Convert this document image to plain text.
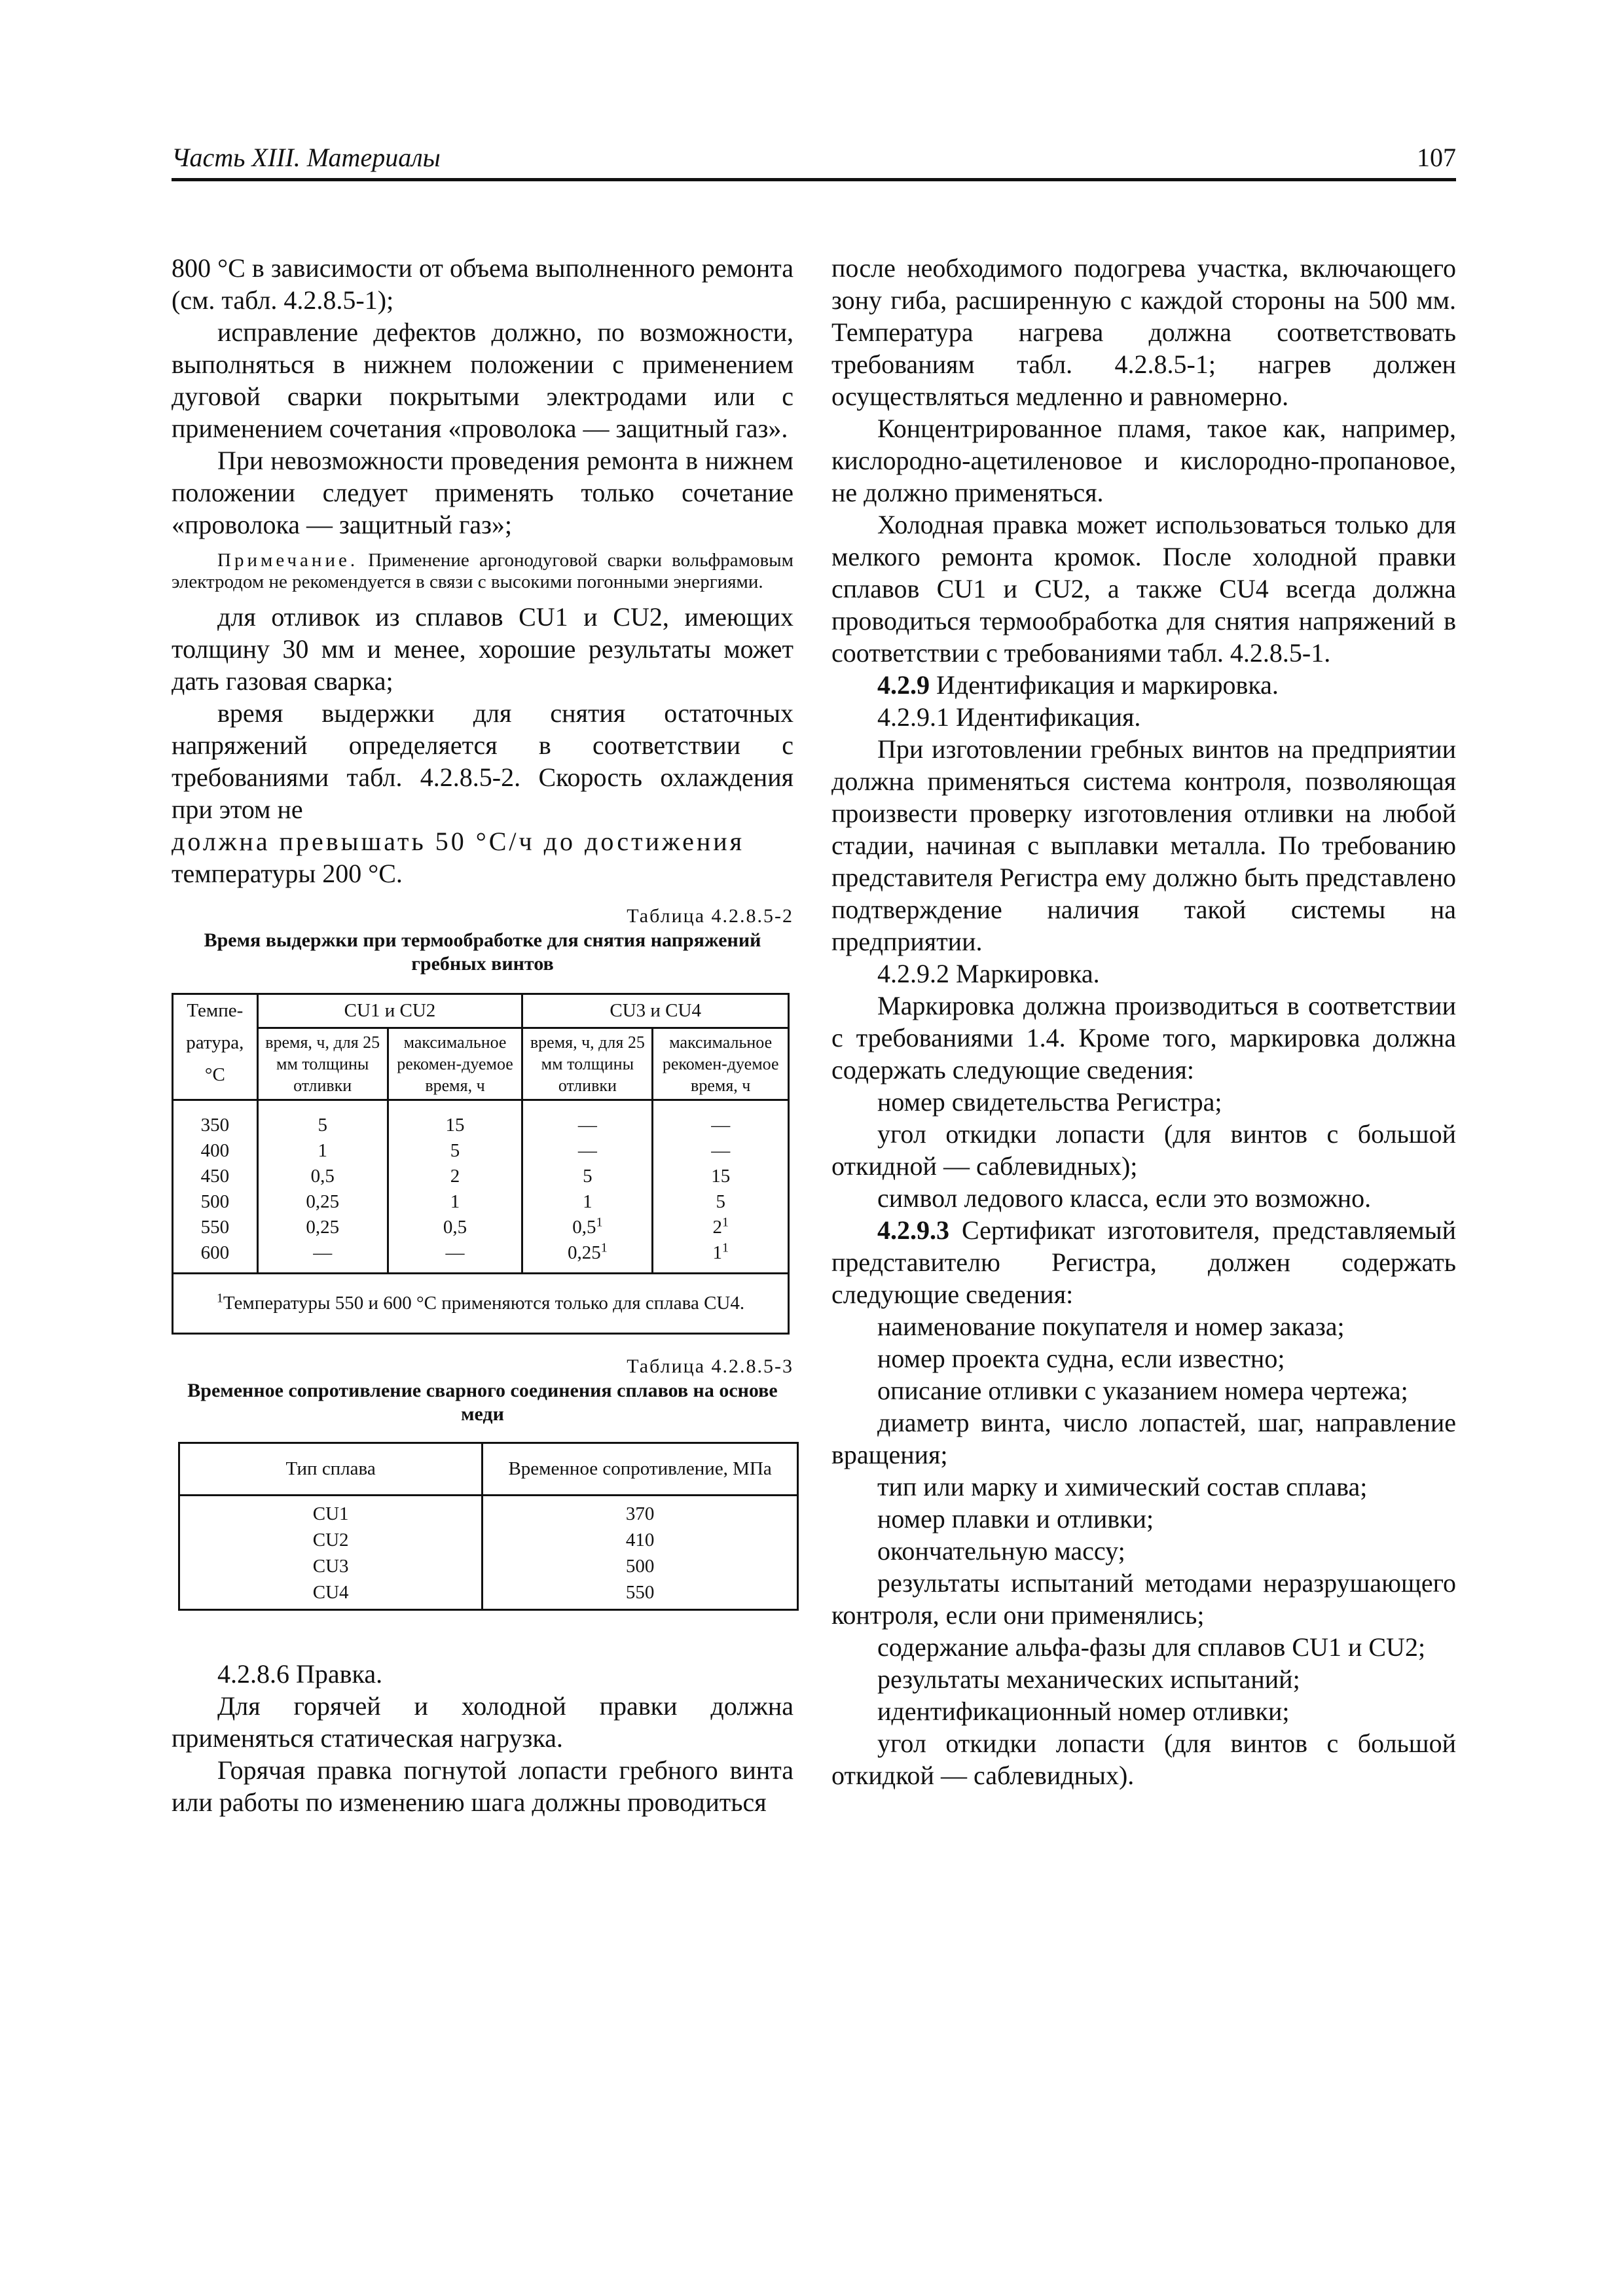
Часть XIII. Материалы	107

800 °C в зависимости от объема выполненного ремонта (см. табл. 4.2.8.5-1);

исправление дефектов должно, по возможности, выполняться в нижнем положении с применением дуговой сварки покрытыми электродами или с применением сочетания «проволока — защитный газ».

При невозможности проведения ремонта в нижнем положении следует применять только сочетание «проволока — защитный газ»;

Примечание. Применение аргонодуговой сварки вольфрамовым электродом не рекомендуется в связи с высокими погонными энергиями.

для отливок из сплавов CU1 и CU2, имеющих толщину 30 мм и менее, хорошие результаты может дать газовая сварка;

время выдержки для снятия остаточных напряжений определяется в соответствии с требованиями табл. 4.2.8.5-2. Скорость охлаждения при этом не

должна превышать 50 °C/ч до достижения

температуры 200 °C.

Таблица 4.2.8.5-2
Время выдержки при термообработке для снятия напряжений гребных винтов
Темпе-ратура, °C	CU1 и CU2		CU3 и CU4	
	время, ч, для 25 мм толщины отливки	максимальное рекомен-дуемое время, ч	время, ч, для 25 мм толщины отливки	максимальное рекомен-дуемое время, ч
350	5	15	—	—
400	1	5	—	—
450	0,5	2	5	15
500	0,25	1	1	5
550	0,25	0,5	$0,5^1$	$2^1$
600	—	—	0,25$^1$	$1^1$
$^1$Температуры 550 и 600 °C применяются только для сплава CU4.				
Таблица 4.2.8.5-3
Временное сопротивление сварного соединения сплавов на основе меди
Тип сплава	Временное сопротивление, МПа
CU1	370
CU2	410
CU3	500
CU4	550

4.2.8.6 Правка.

Для горячей и холодной правки должна применяться статическая нагрузка.

Горячая правка погнутой лопасти гребного винта или работы по изменению шага должны проводиться

после необходимого подогрева участка, включающего зону гиба, расширенную с каждой стороны на 500 мм. Температура нагрева должна соответствовать требованиям табл. 4.2.8.5-1; нагрев должен осуществляться медленно и равномерно.

Концентрированное пламя, такое как, например, кислородно-ацетиленовое и кислородно-пропановое, не должно применяться.

Холодная правка может использоваться только для мелкого ремонта кромок. После холодной правки сплавов CU1 и CU2, а также CU4 всегда должна проводиться термообработка для снятия напряжений в соответствии с требованиями табл. 4.2.8.5-1.

4.2.9 Идентификация и маркировка.

4.2.9.1 Идентификация.

При изготовлении гребных винтов на предприятии должна применяться система контроля, позволяющая произвести проверку изготовления отливки на любой стадии, начиная с выплавки металла. По требованию представителя Регистра ему должно быть представлено подтверждение наличия такой системы на предприятии.

4.2.9.2 Маркировка.

Маркировка должна производиться в соответствии с требованиями 1.4. Кроме того, маркировка должна содержать следующие сведения:

номер свидетельства Регистра;

угол откидки лопасти (для винтов с большой откидной — саблевидных);

символ ледового класса, если это возможно.

4.2.9.3 Сертификат изготовителя, представляемый представителю Регистра, должен содержать следующие сведения:

наименование покупателя и номер заказа;

номер проекта судна, если известно;

описание отливки с указанием номера чертежа;

диаметр винта, число лопастей, шаг, направление вращения;

тип или марку и химический состав сплава;

номер плавки и отливки;

окончательную массу;

результаты испытаний методами неразрушающего контроля, если они применялись;

содержание альфа-фазы для сплавов CU1 и CU2;

результаты механических испытаний;

идентификационный номер отливки;

угол откидки лопасти (для винтов с большой откидкой — саблевидных).
